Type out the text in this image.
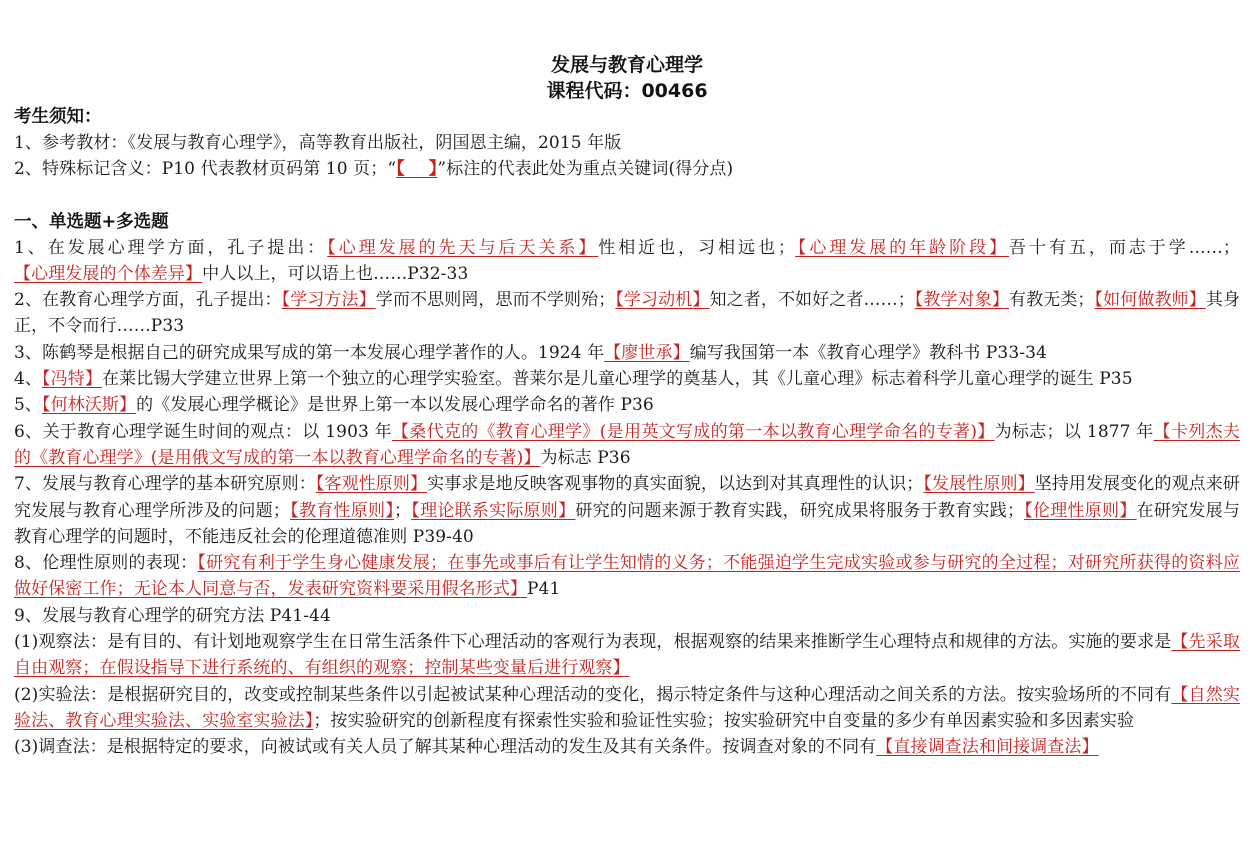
发展与教育心理学

课程代码：00466

考生须知：

1、参考教材：《发展与教育心理学》，高等教育出版社，阴国恩主编，2015 年版

2、特殊标记含义：P10 代表教材页码第 10 页；“【    】”标注的代表此处为重点关键词(得分点)

一、单选题+多选题

1、在发展心理学方面，孔子提出：【心理发展的先天与后天关系】性相近也，习相远也；【心理发展的年龄阶段】吾十有五，而志于学……；【心理发展的个体差异】中人以上，可以语上也……P32-33

2、在教育心理学方面，孔子提出：【学习方法】学而不思则罔，思而不学则殆；【学习动机】知之者，不如好之者……；【教学对象】有教无类；【如何做教师】其身正，不令而行……P33

3、陈鹤琴是根据自己的研究成果写成的第一本发展心理学著作的人。1924 年【廖世承】编写我国第一本《教育心理学》教科书 P33-34

4、【冯特】在莱比锡大学建立世界上第一个独立的心理学实验室。普莱尔是儿童心理学的奠基人，其《儿童心理》标志着科学儿童心理学的诞生 P35

5、【何林沃斯】的《发展心理学概论》是世界上第一本以发展心理学命名的著作 P36

6、关于教育心理学诞生时间的观点：以 1903 年【桑代克的《教育心理学》(是用英文写成的第一本以教育心理学命名的专著)】为标志；以 1877 年【卡列杰夫的《教育心理学》(是用俄文写成的第一本以教育心理学命名的专著)】为标志 P36

7、发展与教育心理学的基本研究原则：【客观性原则】实事求是地反映客观事物的真实面貌，以达到对其真理性的认识；【发展性原则】坚持用发展变化的观点来研究发展与教育心理学所涉及的问题；【教育性原则】；【理论联系实际原则】研究的问题来源于教育实践，研究成果将服务于教育实践；【伦理性原则】在研究发展与教育心理学的问题时，不能违反社会的伦理道德准则 P39-40

8、伦理性原则的表现：【研究有利于学生身心健康发展；在事先或事后有让学生知情的义务；不能强迫学生完成实验或参与研究的全过程；对研究所获得的资料应做好保密工作；无论本人同意与否，发表研究资料要采用假名形式】P41

9、发展与教育心理学的研究方法 P41-44

(1)观察法：是有目的、有计划地观察学生在日常生活条件下心理活动的客观行为表现，根据观察的结果来推断学生心理特点和规律的方法。实施的要求是【先采取自由观察；在假设指导下进行系统的、有组织的观察；控制某些变量后进行观察】

(2)实验法：是根据研究目的，改变或控制某些条件以引起被试某种心理活动的变化，揭示特定条件与这种心理活动之间关系的方法。按实验场所的不同有【自然实验法、教育心理实验法、实验室实验法】；按实验研究的创新程度有探索性实验和验证性实验；按实验研究中自变量的多少有单因素实验和多因素实验

(3)调查法：是根据特定的要求，向被试或有关人员了解其某种心理活动的发生及其有关条件。按调查对象的不同有【直接调查法和间接调查法】
